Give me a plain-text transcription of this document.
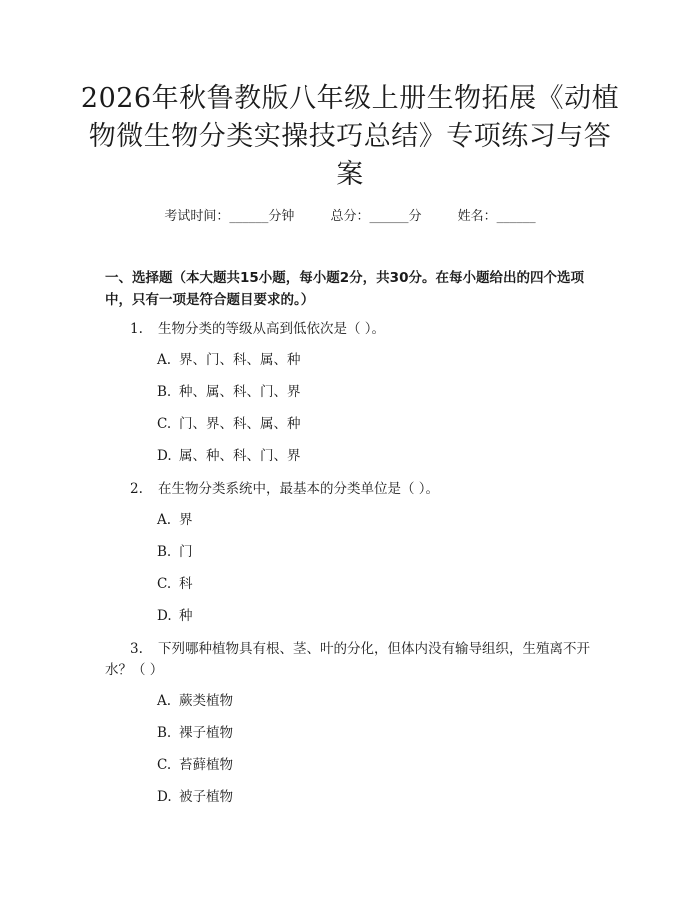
2026年秋鲁教版八年级上册生物拓展《动植物微生物分类实操技巧总结》专项练习与答案
考试时间：______分钟	总分：______分	姓名：______
一、选择题（本大题共15小题，每小题2分，共30分。在每小题给出的四个选项中，只有一项是符合题目要求的。）
1. 生物分类的等级从高到低依次是（ ）。
A. 界、门、科、属、种
B. 种、属、科、门、界
C. 门、界、科、属、种
D. 属、种、科、门、界
2. 在生物分类系统中，最基本的分类单位是（ ）。
A. 界
B. 门
C. 科
D. 种
3. 下列哪种植物具有根、茎、叶的分化，但体内没有输导组织，生殖离不开
水？（ ）
A. 蕨类植物
B. 裸子植物
C. 苔藓植物
D. 被子植物
